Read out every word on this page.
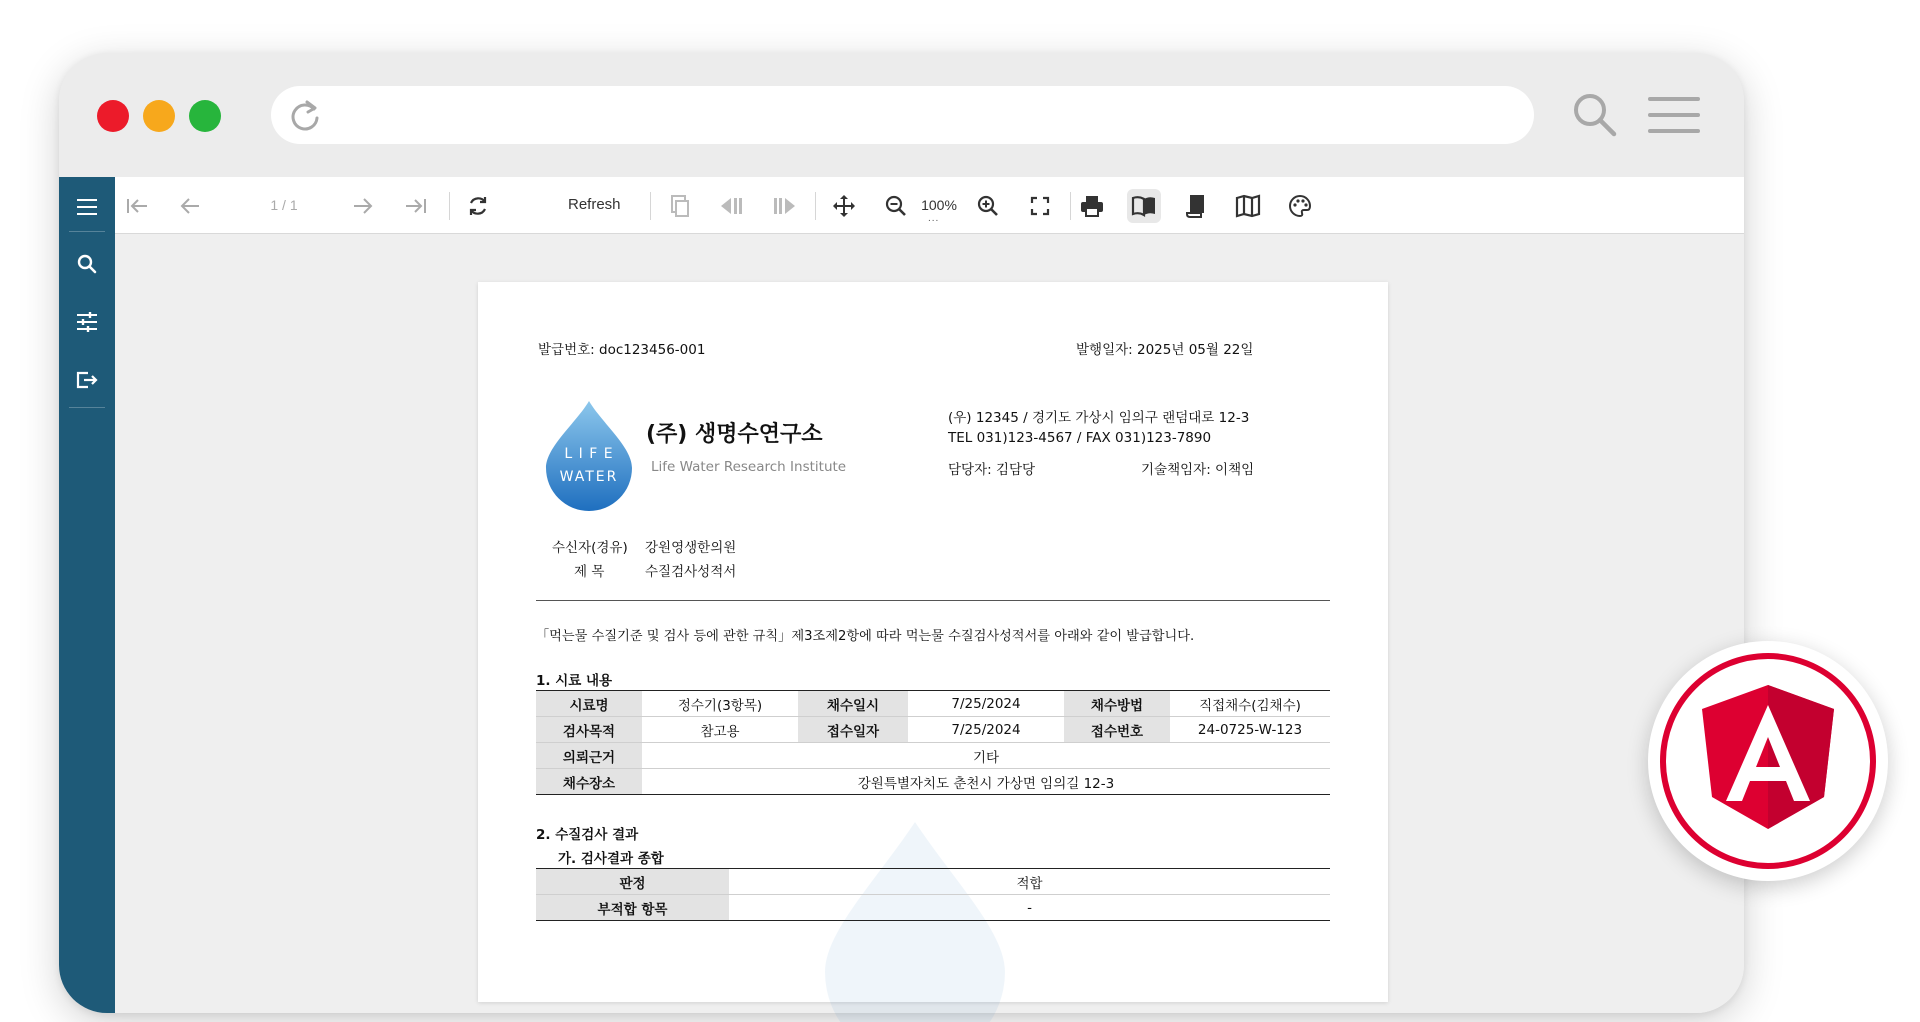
1 / 1	Refresh	100%
...
발급번호: doc123456-001	발행일자: 2025년 05월 22일
L I F E
WATER
(주) 생명수연구소
Life Water Research Institute
(우) 12345 / 경기도 가상시 임의구 랜덤대로 12-3
TEL 031)123-4567 / FAX 031)123-7890
담당자: 김담당	기술책임자: 이책임
수신자(경유) 강원영생한의원
제 목	수질검사성적서
「먹는물 수질기준 및 검사 등에 관한 규칙」제3조제2항에 따라 먹는물 수질검사성적서를 아래와 같이 발급합니다.
1. 시료 내용
시료명	정수기(3항목)	채수일시	7/25/2024	채수방법	직접채수(김채수)
검사목적	참고용	접수일자	7/25/2024	접수번호	24-0725-W-123
의뢰근거	기타				
채수장소	강원특별자치도 춘천시 가상면 임의길 12-3				
2. 수질검사 결과
가. 검사결과 종합
판정	적합
부적합 항목	-
